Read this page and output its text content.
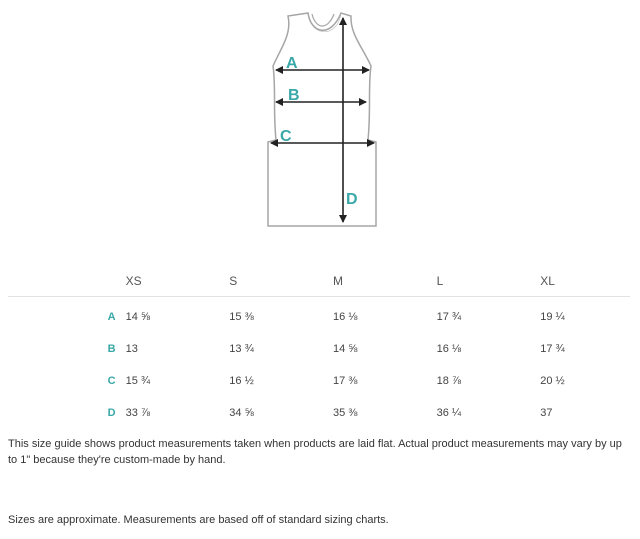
A
B
C
D
	XS	S	M	L	XL
A	14 ⅝	15 ⅜	16 ⅛	17 ¾	19 ¼
B	13	13 ¾	14 ⅝	16 ⅛	17 ¾
C	15 ¾	16 ½	17 ⅜	18 ⅞	20 ½
D	33 ⅞	34 ⅝	35 ⅜	36 ¼	37

This size guide shows product measurements taken when products are laid flat. Actual product measurements may vary by up to 1" because they're custom-made by hand.

Sizes are approximate. Measurements are based off of standard sizing charts.
